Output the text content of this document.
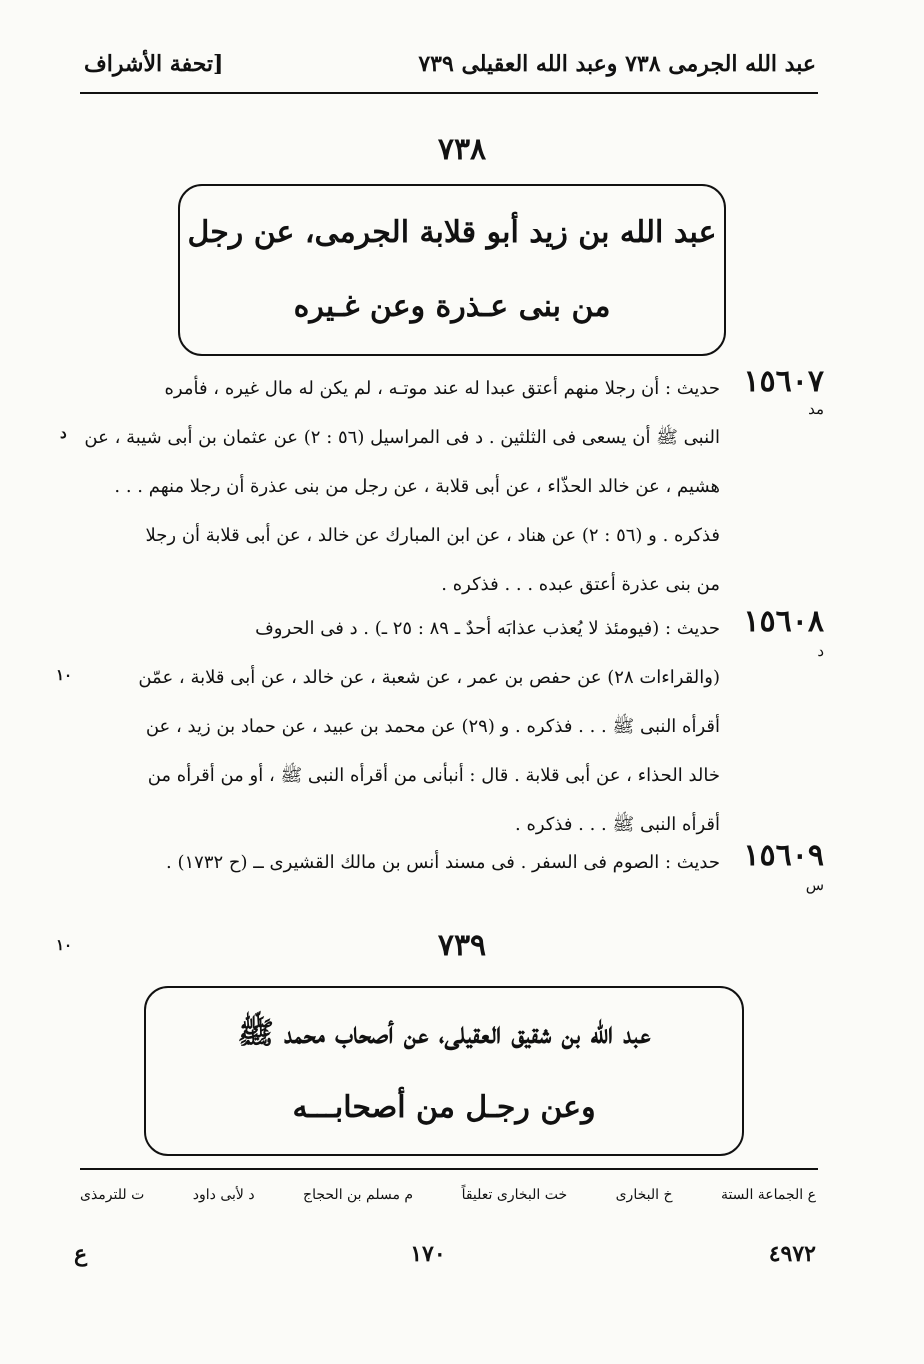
عبد الله الجرمى ٧٣٨ وعبد الله العقيلى ٧٣٩
[تحفة الأشراف
٧٣٨
عبد الله بن زيد أبو قلابة الجرمى، عن رجل
من بنى عـذرة وعن غـيره
١٥٦٠٧
مد
حديث : أن رجلا منهم أعتق عبدا له عند موتـه ، لم يكن له مال غيره ، فأمره
النبى ﷺ أن يسعى فى الثلثين . د فى المراسيل (٥٦ : ٢) عن عثمان بن أبى شيبة ، عن
هشيم ، عن خالد الحذّاء ، عن أبى قلابة ، عن رجل من بنى عذرة أن رجلا منهم . . .
فذكره . و (٥٦ : ٢) عن هناد ، عن ابن المبارك عن خالد ، عن أبى قلابة أن رجلا
من بنى عذرة أعتق عبده . . . فذكره .
د
١٥٦٠٨
د
حديث : (فيومئذ لا يُعذب عذابَه أحدٌ ـ ٨٩ : ٢٥ ـ) . د فى الحروف
(والقراءات ٢٨) عن حفص بن عمر ، عن شعبة ، عن خالد ، عن أبى قلابة ، عمّن
أقرأه النبى ﷺ . . . فذكره . و (٢٩) عن محمد بن عبيد ، عن حماد بن زيد ، عن
خالد الحذاء ، عن أبى قلابة . قال : أنبأنى من أقرأه النبى ﷺ ، أو من أقرأه من
أقرأه النبى ﷺ . . . فذكره .
١٠
١٥٦٠٩
س
حديث : الصوم فى السفر . فى مسند أنس بن مالك القشيرى ــ (ح ١٧٣٢) .
١٠	٧٣٩
عبد الله بن شقيق العقيلى، عن أصحاب محمد ﷺ
وعن رجـل من أصحابـــه
ع الجماعة الستة
خ البخارى
خت البخارى تعليقاً
م مسلم بن الحجاج
د لأبى داود
ت للترمذى
ع	١٧٠	٤٩٧٢
